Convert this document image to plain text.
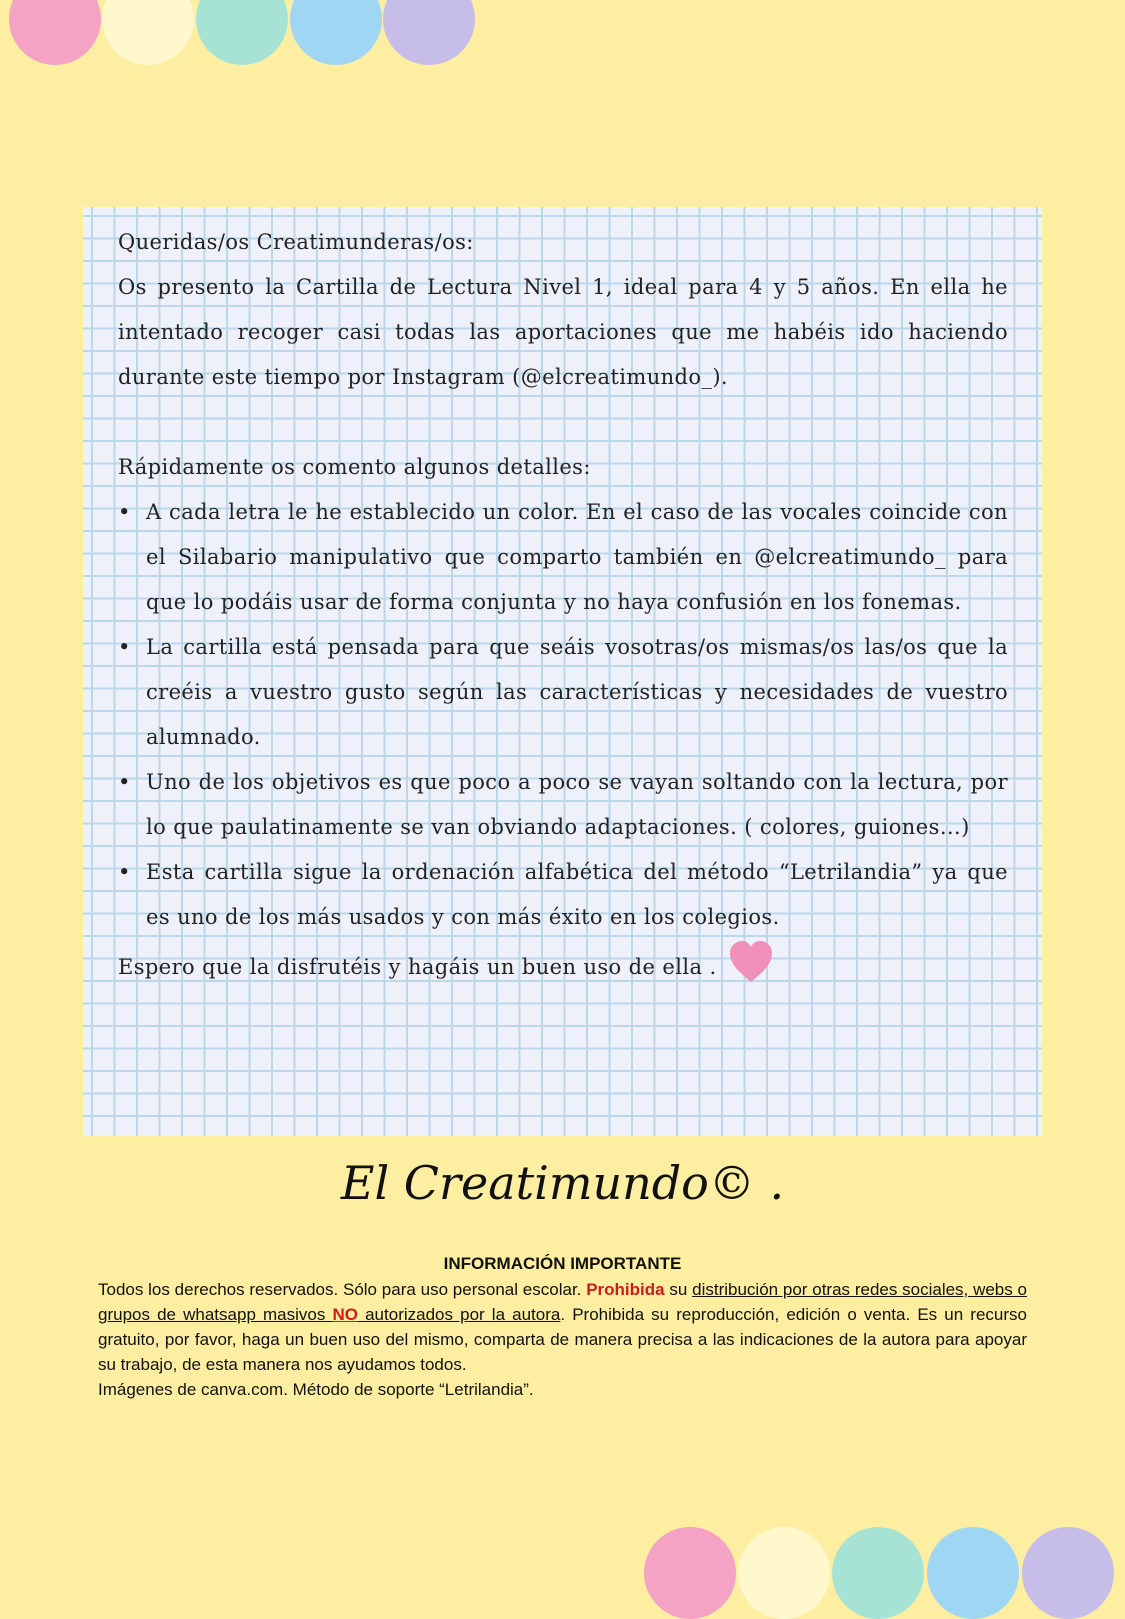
Queridas/os Creatimunderas/os:

Os presento la Cartilla de Lectura Nivel 1, ideal para 4 y 5 años. En ella he intentado recoger casi todas las aportaciones que me habéis ido haciendo durante este tiempo por Instagram (@elcreatimundo_).

Rápidamente os comento algunos detalles:

• A cada letra le he establecido un color. En el caso de las vocales coincide con el Silabario manipulativo que comparto también en @elcreatimundo_ para que lo podáis usar de forma conjunta y no haya confusión en los fonemas.
• La cartilla está pensada para que seáis vosotras/os mismas/os las/os que la creéis a vuestro gusto según las características y necesidades de vuestro alumnado.
• Uno de los objetivos es que poco a poco se vayan soltando con la lectura, por lo que paulatinamente se van obviando adaptaciones. ( colores, guiones…)
• Esta cartilla sigue la ordenación alfabética del método “Letrilandia” ya que es uno de los más usados y con más éxito en los colegios.

Espero que la disfrutéis y hagáis un buen uso de ella .

El Creatimundo© .
INFORMACIÓN IMPORTANTE

Todos los derechos reservados. Sólo para uso personal escolar. Prohibida su distribución por otras redes sociales, webs o grupos de whatsapp masivos NO autorizados por la autora. Prohibida su reproducción, edición o venta. Es un recurso gratuito, por favor, haga un buen uso del mismo, comparta de manera precisa a las indicaciones de la autora para apoyar su trabajo, de esta manera nos ayudamos todos.

Imágenes de canva.com. Método de soporte “Letrilandia”.
